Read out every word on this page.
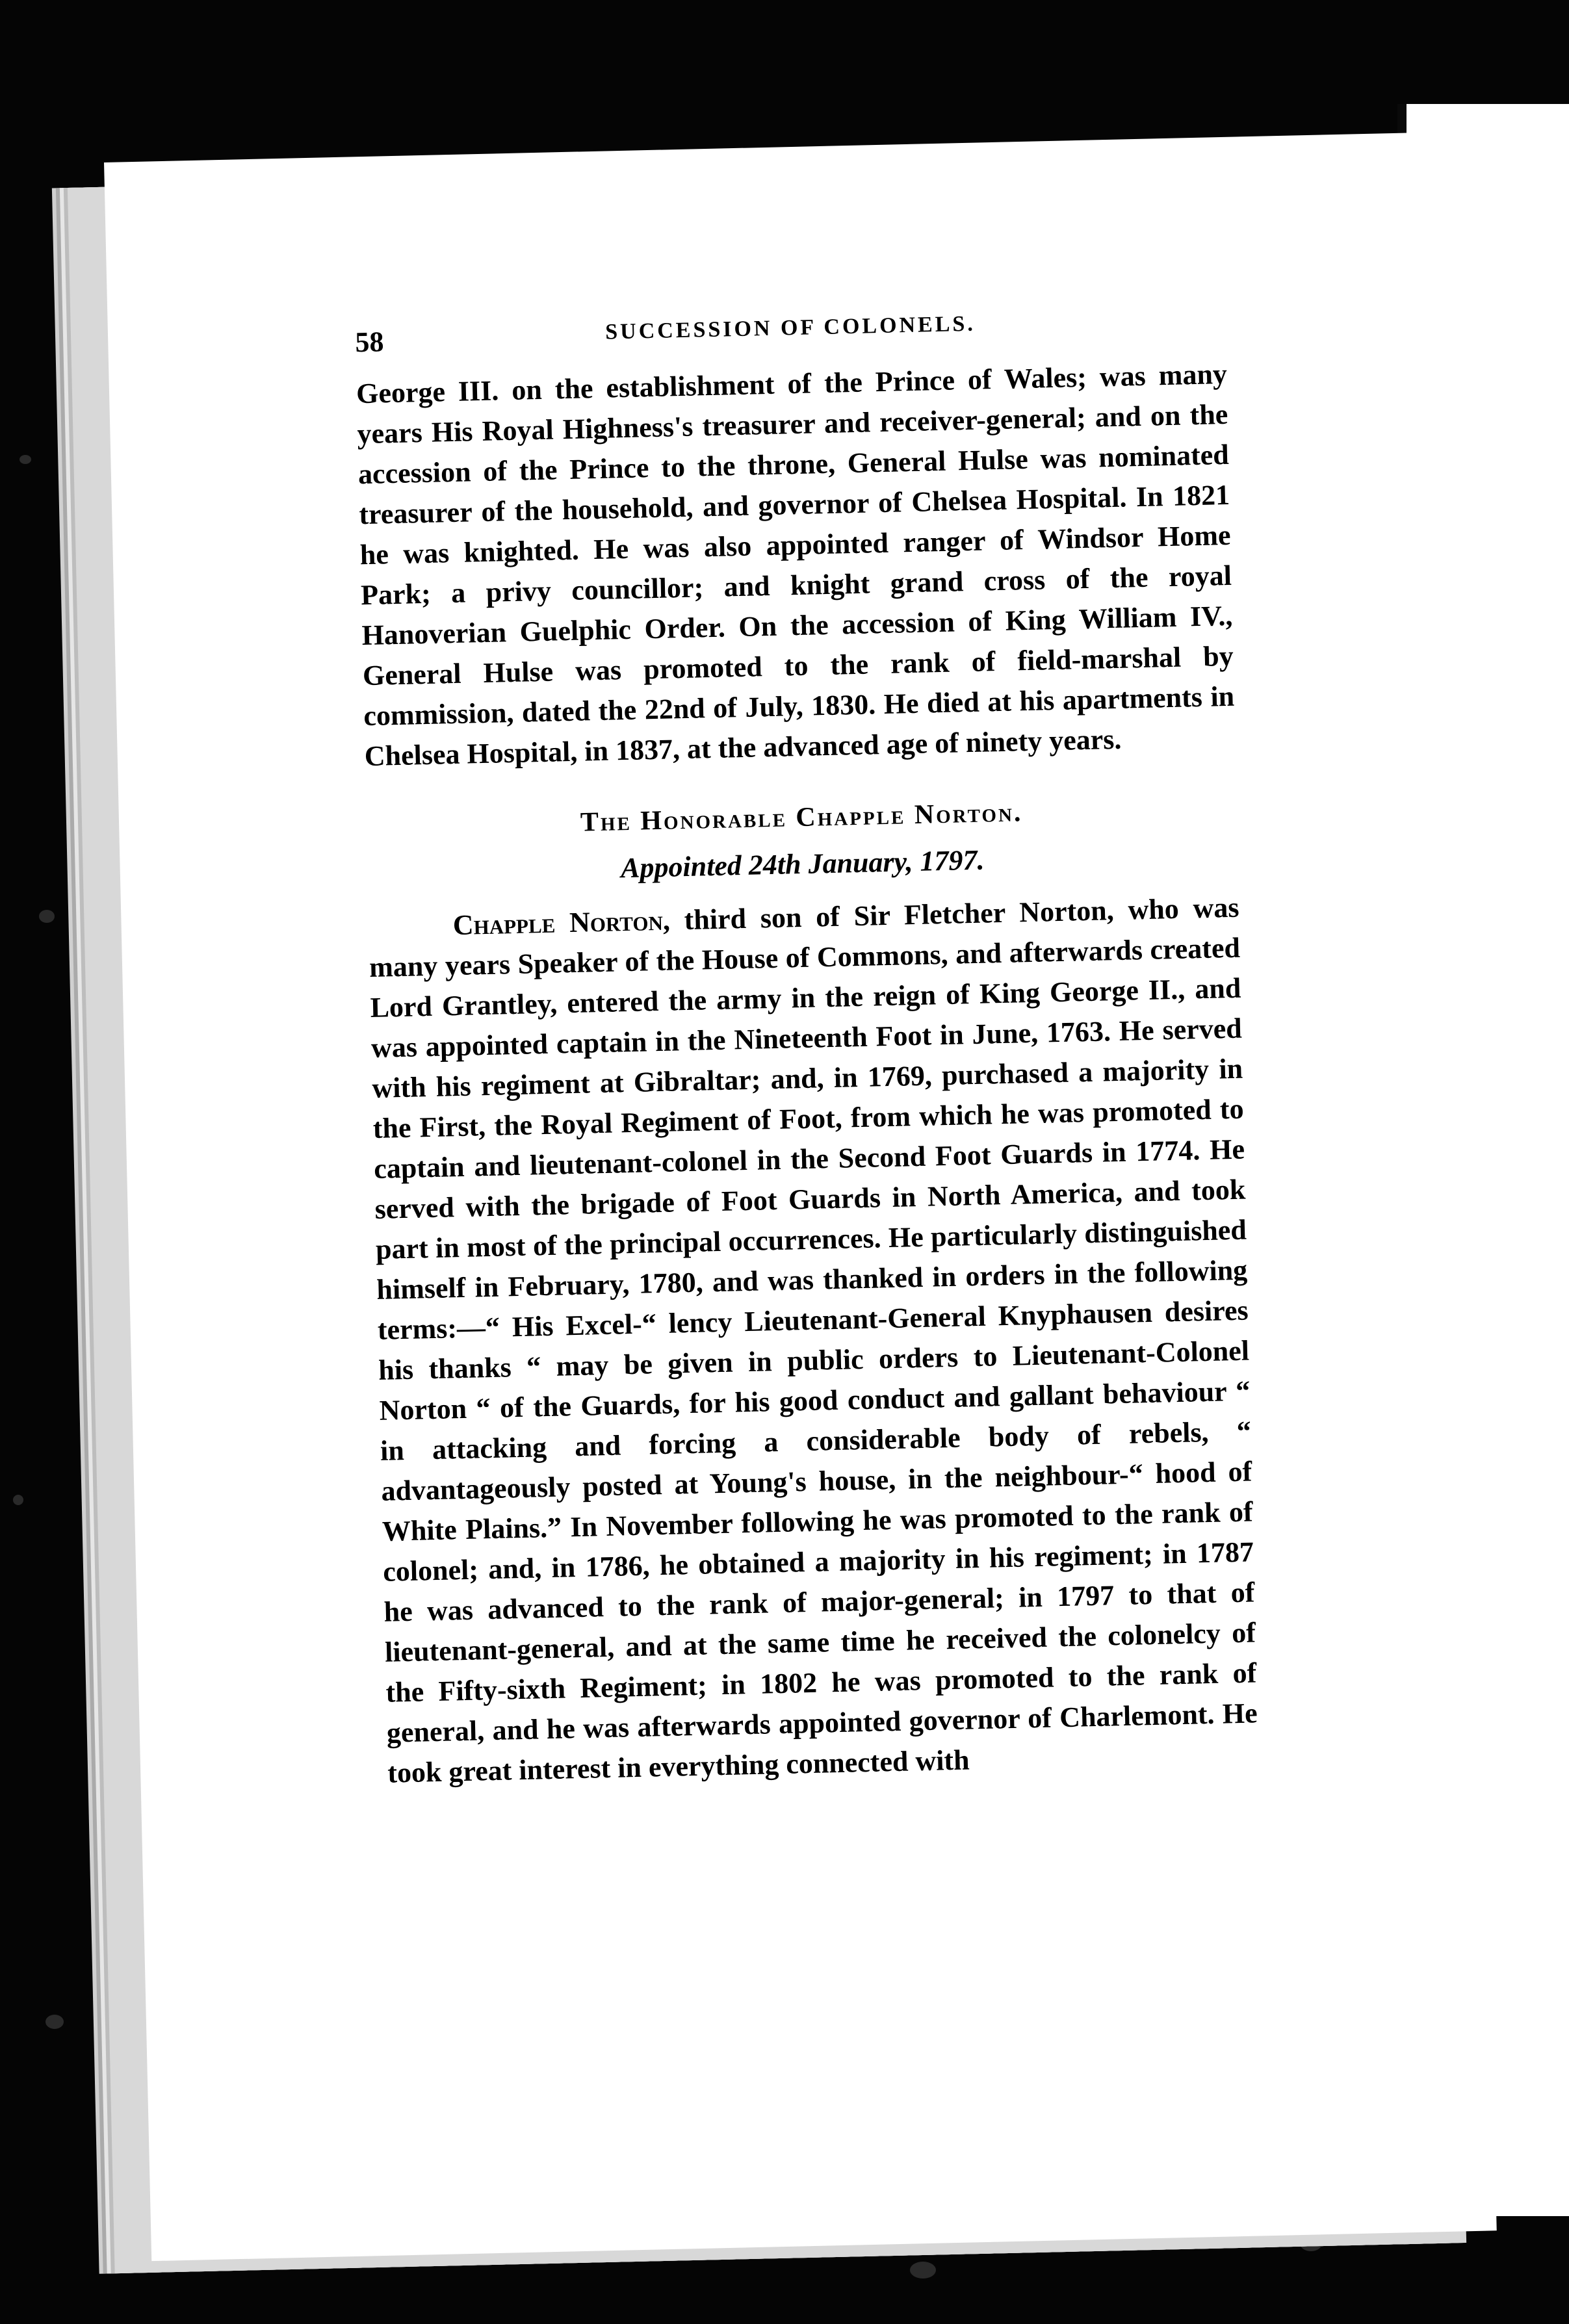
58	SUCCESSION OF COLONELS.

George III. on the establishment of the Prince of Wales; was many years His Royal Highness's treasurer and receiver-general; and on the accession of the Prince to the throne, General Hulse was nominated treasurer of the household, and governor of Chelsea Hospital. In 1821 he was knighted. He was also appointed ranger of Windsor Home Park; a privy councillor; and knight grand cross of the royal Hanoverian Guelphic Order. On the accession of King William IV., General Hulse was promoted to the rank of field-marshal by commission, dated the 22nd of July, 1830. He died at his apartments in Chelsea Hospital, in 1837, at the advanced age of ninety years.

The Honorable Chapple Norton.
Appointed 24th January, 1797.

Chapple Norton, third son of Sir Fletcher Norton, who was many years Speaker of the House of Commons, and afterwards created Lord Grantley, entered the army in the reign of King George II., and was appointed captain in the Nineteenth Foot in June, 1763. He served with his regiment at Gibraltar; and, in 1769, purchased a majority in the First, the Royal Regiment of Foot, from which he was promoted to captain and lieutenant-colonel in the Second Foot Guards in 1774. He served with the brigade of Foot Guards in North America, and took part in most of the principal occurrences. He particularly distinguished himself in February, 1780, and was thanked in orders in the following terms:—“ His Excel-“ lency Lieutenant-General Knyphausen desires his thanks “ may be given in public orders to Lieutenant-Colonel Norton “ of the Guards, for his good conduct and gallant behaviour “ in attacking and forcing a considerable body of rebels, “ advantageously posted at Young's house, in the neighbour-“ hood of White Plains.” In November following he was promoted to the rank of colonel; and, in 1786, he obtained a majority in his regiment; in 1787 he was advanced to the rank of major-general; in 1797 to that of lieutenant-general, and at the same time he received the colonelcy of the Fifty-sixth Regiment; in 1802 he was promoted to the rank of general, and he was afterwards appointed governor of Charlemont. He took great interest in everything connected with
